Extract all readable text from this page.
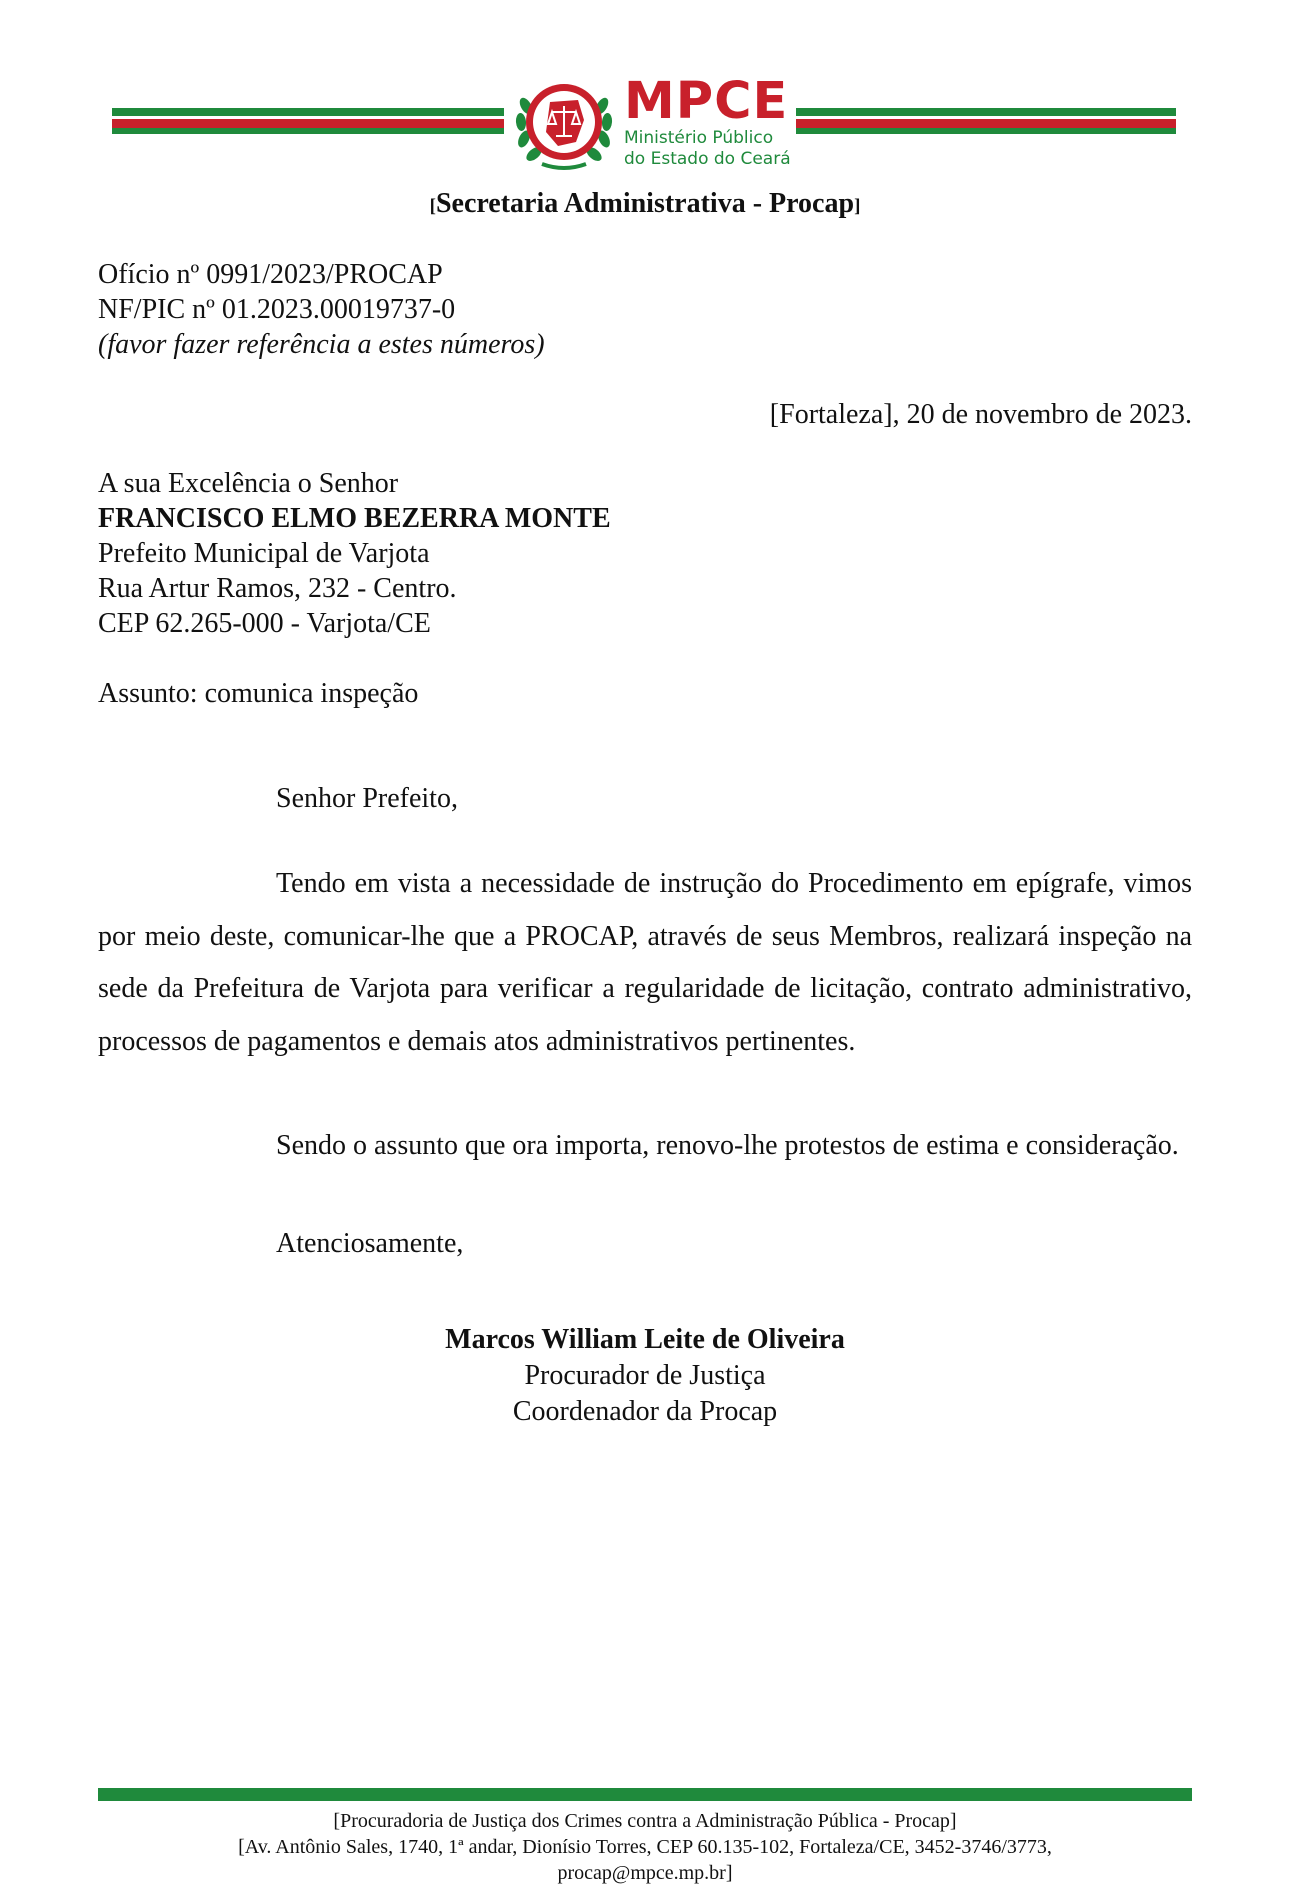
MPCE
Ministério Público
do Estado do Ceará
[Secretaria Administrativa - Procap]
Ofício nº 0991/2023/PROCAP
NF/PIC nº 01.2023.00019737-0
(favor fazer referência a estes números)
[Fortaleza], 20 de novembro de 2023.
A sua Excelência o Senhor
FRANCISCO ELMO BEZERRA MONTE
Prefeito Municipal de Varjota
Rua Artur Ramos, 232 - Centro.
CEP 62.265-000 - Varjota/CE
Assunto: comunica inspeção
Senhor Prefeito,
Tendo em vista a necessidade de instrução do Procedimento em epígrafe, vimos por meio deste, comunicar-lhe que a PROCAP, através de seus Membros, realizará inspeção na sede da Prefeitura de Varjota para verificar a regularidade de licitação, contrato administrativo, processos de pagamentos e demais atos administrativos pertinentes.
Sendo o assunto que ora importa, renovo-lhe protestos de estima e consideração.
Atenciosamente,
Marcos William Leite de Oliveira
Procurador de Justiça
Coordenador da Procap
[Procuradoria de Justiça dos Crimes contra a Administração Pública - Procap]
[Av. Antônio Sales, 1740, 1ª andar, Dionísio Torres, CEP 60.135-102, Fortaleza/CE, 3452-3746/3773,
procap@mpce.mp.br]
